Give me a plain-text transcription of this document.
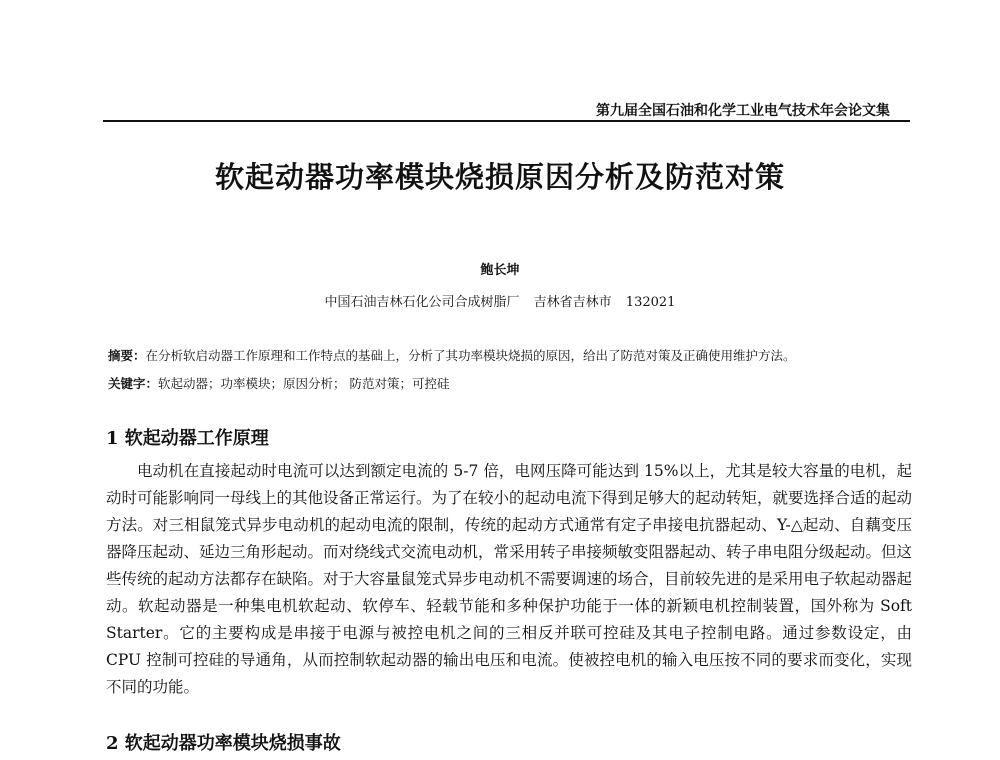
第九届全国石油和化学工业电气技术年会论文集
软起动器功率模块烧损原因分析及防范对策
鲍长坤
中国石油吉林石化公司合成树脂厂 吉林省吉林市 132021
摘要：在分析软启动器工作原理和工作特点的基础上，分析了其功率模块烧损的原因，给出了防范对策及正确使用维护方法。
关键字：软起动器；功率模块；原因分析； 防范对策；可控硅
1 软起动器工作原理

电动机在直接起动时电流可以达到额定电流的 5-7 倍，电网压降可能达到 15%以上，尤其是较大容量的电机，起动时可能影响同一母线上的其他设备正常运行。为了在较小的起动电流下得到足够大的起动转矩，就要选择合适的起动方法。对三相鼠笼式异步电动机的起动电流的限制，传统的起动方式通常有定子串接电抗器起动、Y-△起动、自藕变压器降压起动、延边三角形起动。而对绕线式交流电动机，常采用转子串接频敏变阻器起动、转子串电阻分级起动。但这些传统的起动方法都存在缺陷。对于大容量鼠笼式异步电动机不需要调速的场合，目前较先进的是采用电子软起动器起动。软起动器是一种集电机软起动、软停车、轻载节能和多种保护功能于一体的新颖电机控制装置，国外称为 Soft Starter。它的主要构成是串接于电源与被控电机之间的三相反并联可控硅及其电子控制电路。通过参数设定，由 CPU 控制可控硅的导通角，从而控制软起动器的输出电压和电流。使被控电机的输入电压按不同的要求而变化，实现不同的功能。

2 软起动器功率模块烧损事故
